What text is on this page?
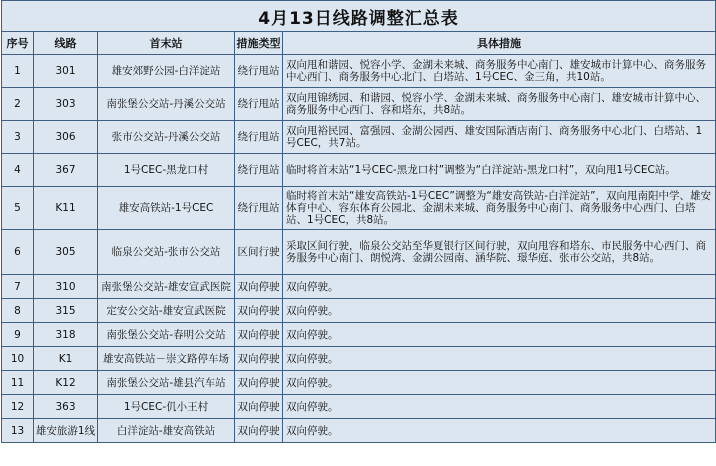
4月13日线路调整汇总表				
序号	线路	首末站	措施类型	具体措施
1	301	雄安郊野公园-白洋淀站	绕行甩站	双向甩和谐园、悦容小学、金湖未来城、商务服务中心南门、雄安城市计算中心、商务服务中心西门、商务服务中心北门、白塔站、1号CEC、金三角，共10站。
2	303	南张堡公交站-丹溪公交站	绕行甩站	双向甩锦绣园、和谐园、悦容小学、金湖未来城、商务服务中心南门、雄安城市计算中心、商务服务中心西门、容和塔东，共8站。
3	306	张市公交站-丹溪公交站	绕行甩站	双向甩裕民园、富强园、金湖公园西、雄安国际酒店南门、商务服务中心北门、白塔站、1号CEC，共7站。
4	367	1号CEC-黑龙口村	绕行甩站	临时将首末站“1号CEC-黑龙口村”调整为“白洋淀站-黑龙口村”，双向甩1号CEC站。
5	K11	雄安高铁站-1号CEC	绕行甩站	临时将首末站“雄安高铁站-1号CEC”调整为“雄安高铁站-白洋淀站”，双向甩南阳中学、雄安体育中心、容东体育公园北、金湖未来城、商务服务中心南门、商务服务中心西门、白塔站、1号CEC，共8站。
6	305	临泉公交站-张市公交站	区间行驶	采取区间行驶，临泉公交站至华夏银行区间行驶，双向甩容和塔东、市民服务中心西门、商务服务中心南门、朗悦湾、金湖公园南、涵华院、璟华庭、张市公交站，共8站。
7	310	南张堡公交站-雄安宣武医院	双向停驶	双向停驶。
8	315	定安公交站-雄安宣武医院	双向停驶	双向停驶。
9	318	南张堡公交站-春明公交站	双向停驶	双向停驶。
10	K1	雄安高铁站－崇文路停车场	双向停驶	双向停驶。
11	K12	南张堡公交站-雄县汽车站	双向停驶	双向停驶。
12	363	1号CEC-仉小王村	双向停驶	双向停驶。
13	雄安旅游1线	白洋淀站-雄安高铁站	双向停驶	双向停驶。
